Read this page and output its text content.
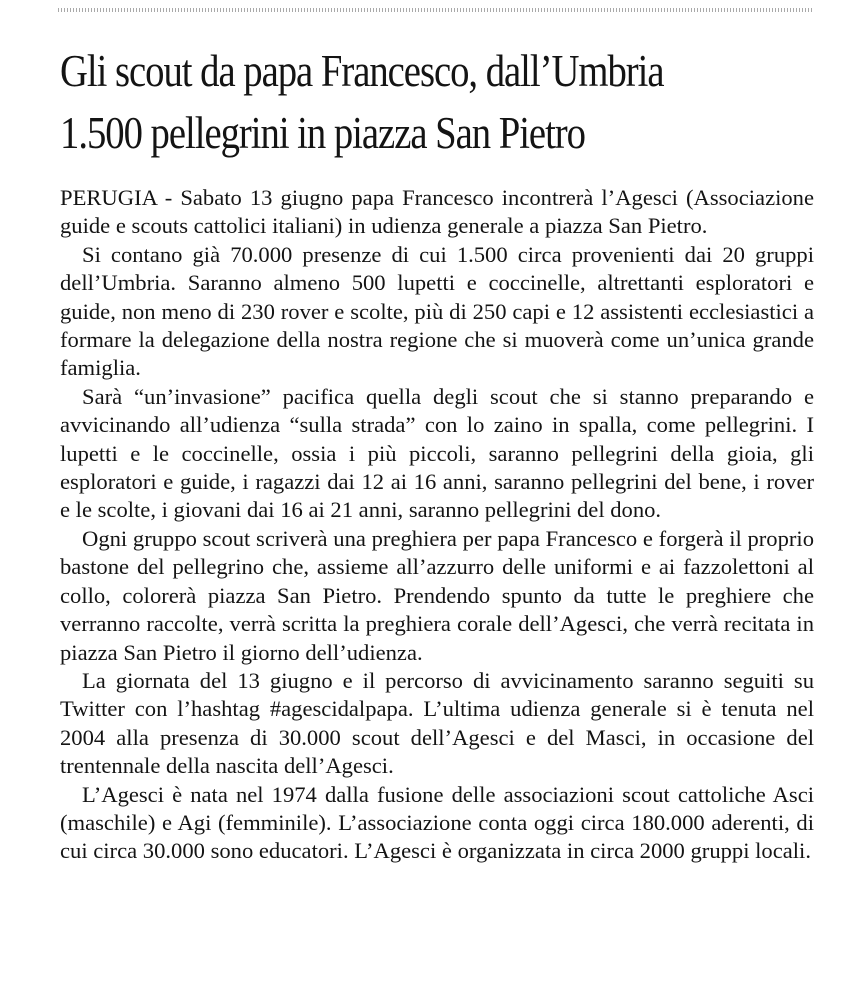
Gli scout da papa Francesco, dall’Umbria
1.500 pellegrini in piazza San Pietro

PERUGIA - Sabato 13 giugno papa Francesco incontrerà l’Agesci (Associazione guide e scouts cattolici italiani) in udienza generale a piazza San Pietro.

Si contano già 70.000 presenze di cui 1.500 circa provenienti dai 20 gruppi dell’Umbria. Saranno almeno 500 lupetti e coccinelle, altrettanti esploratori e guide, non meno di 230 rover e scolte, più di 250 capi e 12 assistenti ecclesiastici a formare la delegazione della nostra regione che si muoverà come un’unica grande famiglia.

Sarà “un’invasione” pacifica quella degli scout che si stanno preparando e avvicinando all’udienza “sulla strada” con lo zaino in spalla, come pellegrini. I lupetti e le coccinelle, ossia i più piccoli, saranno pellegrini della gioia, gli esploratori e guide, i ragazzi dai 12 ai 16 anni, saranno pellegrini del bene, i rover e le scolte, i giovani dai 16 ai 21 anni, saranno pellegrini del dono.

Ogni gruppo scout scriverà una preghiera per papa Francesco e forgerà il proprio bastone del pellegrino che, assieme all’azzurro delle uniformi e ai fazzolettoni al collo, colorerà piazza San Pietro. Prendendo spunto da tutte le preghiere che verranno raccolte, verrà scritta la preghiera corale dell’Agesci, che verrà recitata in piazza San Pietro il giorno dell’udienza.

La giornata del 13 giugno e il percorso di avvicinamento saranno seguiti su Twitter con l’hashtag #agescidalpapa. L’ultima udienza generale si è tenuta nel 2004 alla presenza di 30.000 scout dell’Agesci e del Masci, in occasione del trentennale della nascita dell’Agesci.

L’Agesci è nata nel 1974 dalla fusione delle associazioni scout cattoliche Asci (maschile) e Agi (femminile). L’associazione conta oggi circa 180.000 aderenti, di cui circa 30.000 sono educatori. L’Agesci è organizzata in circa 2000 gruppi locali.
